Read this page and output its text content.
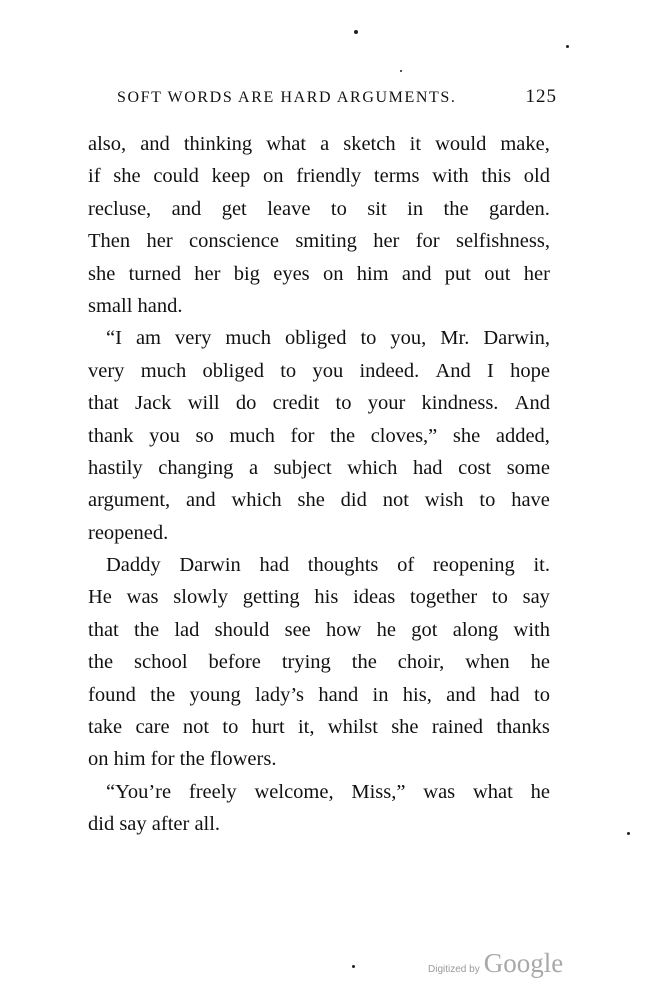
SOFT WORDS ARE HARD ARGUMENTS.	125
also, and thinking what a sketch it would make,
if she could keep on friendly terms with this old
recluse, and get leave to sit in the garden.
Then her conscience smiting her for selfishness,
she turned her big eyes on him and put out her
small hand.
“I am very much obliged to you, Mr. Darwin,
very much obliged to you indeed. And I hope
that Jack will do credit to your kindness. And
thank you so much for the cloves,” she added,
hastily changing a subject which had cost some
argument, and which she did not wish to have
reopened.
Daddy Darwin had thoughts of reopening it.
He was slowly getting his ideas together to say
that the lad should see how he got along with
the school before trying the choir, when he
found the young lady’s hand in his, and had to
take care not to hurt it, whilst she rained thanks
on him for the flowers.
“You’re freely welcome, Miss,” was what he
did say after all.
Digitized by Google
